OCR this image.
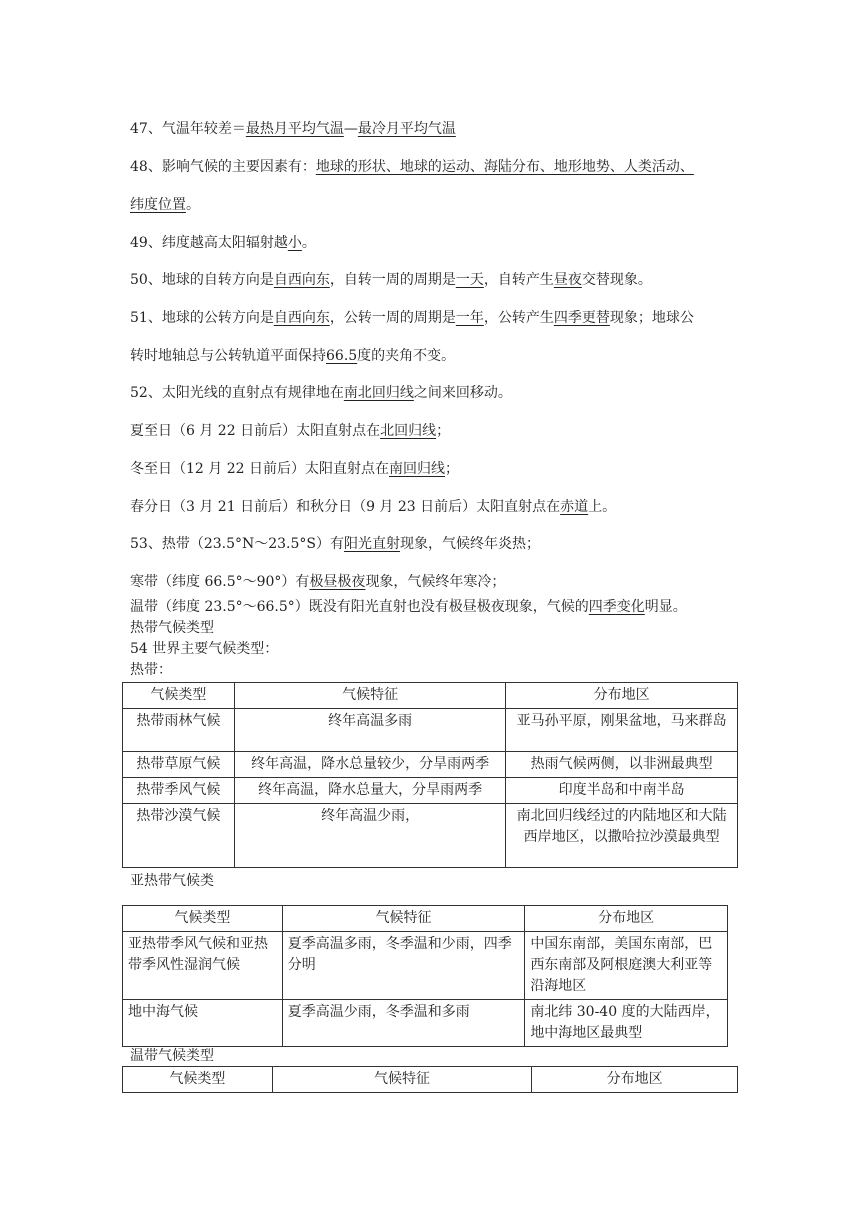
47、气温年较差＝最热月平均气温—最冷月平均气温
48、影响气候的主要因素有：地球的形状、地球的运动、海陆分布、地形地势、人类活动、
纬度位置。
49、纬度越高太阳辐射越小。
50、地球的自转方向是自西向东，自转一周的周期是一天，自转产生昼夜交替现象。
51、地球的公转方向是自西向东，公转一周的周期是一年，公转产生四季更替现象；地球公
转时地轴总与公转轨道平面保持66.5度的夹角不变。
52、太阳光线的直射点有规律地在南北回归线之间来回移动。
夏至日（6 月 22 日前后）太阳直射点在北回归线；
冬至日（12 月 22 日前后）太阳直射点在南回归线；
春分日（3 月 21 日前后）和秋分日（9 月 23 日前后）太阳直射点在赤道上。
53、热带（23.5°N～23.5°S）有阳光直射现象，气候终年炎热；
寒带（纬度 66.5°～90°）有极昼极夜现象，气候终年寒冷；
温带（纬度 23.5°～66.5°）既没有阳光直射也没有极昼极夜现象，气候的四季变化明显。
热带气候类型
54 世界主要气候类型：
热带：
亚热带气候类
温带气候类型
气候类型	气候特征	分布地区
热带雨林气候	终年高温多雨	亚马孙平原，刚果盆地，马来群岛
热带草原气候	终年高温，降水总量较少，分旱雨两季	热雨气候两侧，以非洲最典型
热带季风气候	终年高温，降水总量大，分旱雨两季	印度半岛和中南半岛
热带沙漠气候	终年高温少雨，	南北回归线经过的内陆地区和大陆西岸地区，以撒哈拉沙漠最典型
气候类型	气候特征	分布地区
亚热带季风气候和亚热带季风性湿润气候	夏季高温多雨，冬季温和少雨，四季分明	中国东南部，美国东南部，巴西东南部及阿根庭澳大利亚等沿海地区
地中海气候	夏季高温少雨，冬季温和多雨	南北纬 30-40 度的大陆西岸，地中海地区最典型
气候类型	气候特征	分布地区
